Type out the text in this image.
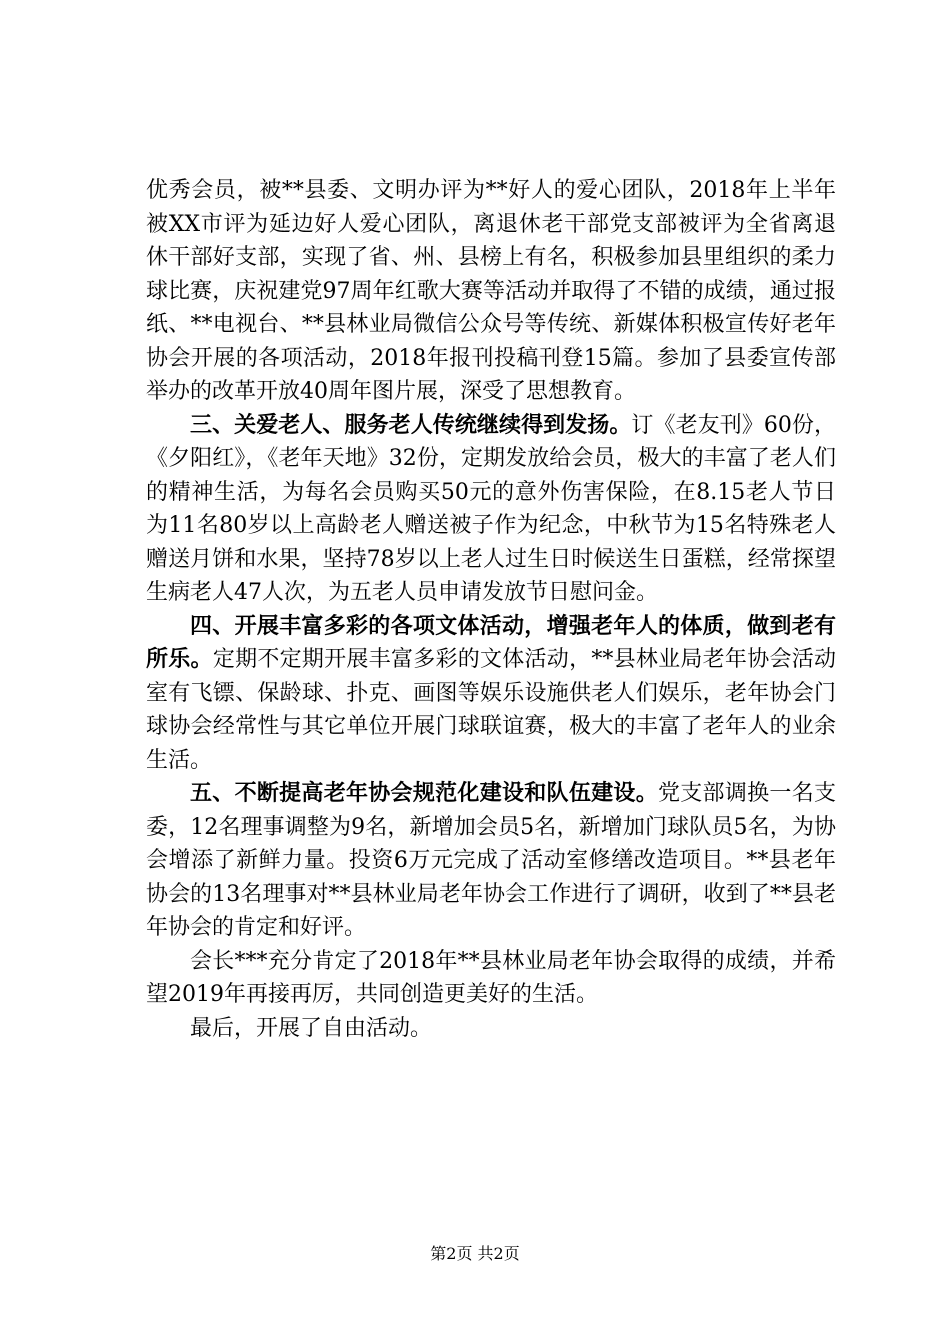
优秀会员，被**县委、文明办评为**好人的爱心团队，2018年上半年被XX市评为延边好人爱心团队，离退休老干部党支部被评为全省离退休干部好支部，实现了省、州、县榜上有名，积极参加县里组织的柔力球比赛，庆祝建党97周年红歌大赛等活动并取得了不错的成绩，通过报纸、**电视台、**县林业局微信公众号等传统、新媒体积极宣传好老年协会开展的各项活动，2018年报刊投稿刊登15篇。参加了县委宣传部举办的改革开放40周年图片展，深受了思想教育。

三、关爱老人、服务老人传统继续得到发扬。订《老友刊》60份，《夕阳红》，《老年天地》32份，定期发放给会员，极大的丰富了老人们的精神生活，为每名会员购买50元的意外伤害保险，在8.15老人节日为11名80岁以上高龄老人赠送被子作为纪念，中秋节为15名特殊老人赠送月饼和水果，坚持78岁以上老人过生日时候送生日蛋糕，经常探望生病老人47人次，为五老人员申请发放节日慰问金。

四、开展丰富多彩的各项文体活动，增强老年人的体质，做到老有所乐。定期不定期开展丰富多彩的文体活动，**县林业局老年协会活动室有飞镖、保龄球、扑克、画图等娱乐设施供老人们娱乐，老年协会门球协会经常性与其它单位开展门球联谊赛，极大的丰富了老年人的业余生活。

五、不断提高老年协会规范化建设和队伍建设。党支部调换一名支委，12名理事调整为9名，新增加会员5名，新增加门球队员5名，为协会增添了新鲜力量。投资6万元完成了活动室修缮改造项目。**县老年协会的13名理事对**县林业局老年协会工作进行了调研，收到了**县老年协会的肯定和好评。

会长***充分肯定了2018年**县林业局老年协会取得的成绩，并希望2019年再接再厉，共同创造更美好的生活。

最后，开展了自由活动。

第2页 共2页
